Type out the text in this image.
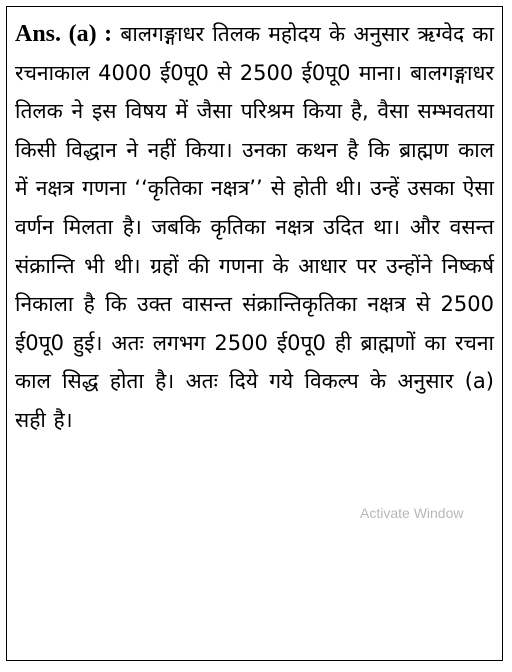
Ans. (a) : बालगङ्गाधर तिलक महोदय के अनुसार ऋग्वेद का रचनाकाल 4000 ई0पू0 से 2500 ई0पू0 माना। बालगङ्गाधर तिलक ने इस विषय में जैसा परिश्रम किया है, वैसा सम्भवतया किसी विद्धान ने नहीं किया। उनका कथन है कि ब्राह्मण काल में नक्षत्र गणना ‘‘कृतिका नक्षत्र’’ से होती थी। उन्हें उसका ऐसा वर्णन मिलता है। जबकि कृतिका नक्षत्र उदित था। और वसन्त संक्रान्ति भी थी। ग्रहों की गणना के आधार पर उन्होंने निष्कर्ष निकाला है कि उक्त वासन्त संक्रान्तिकृतिका नक्षत्र से 2500 ई0पू0 हुई। अतः लगभग 2500 ई0पू0 ही ब्राह्मणों का रचना काल सिद्ध होता है। अतः दिये गये विकल्प के अनुसार (a) सही है।

Activate Window
